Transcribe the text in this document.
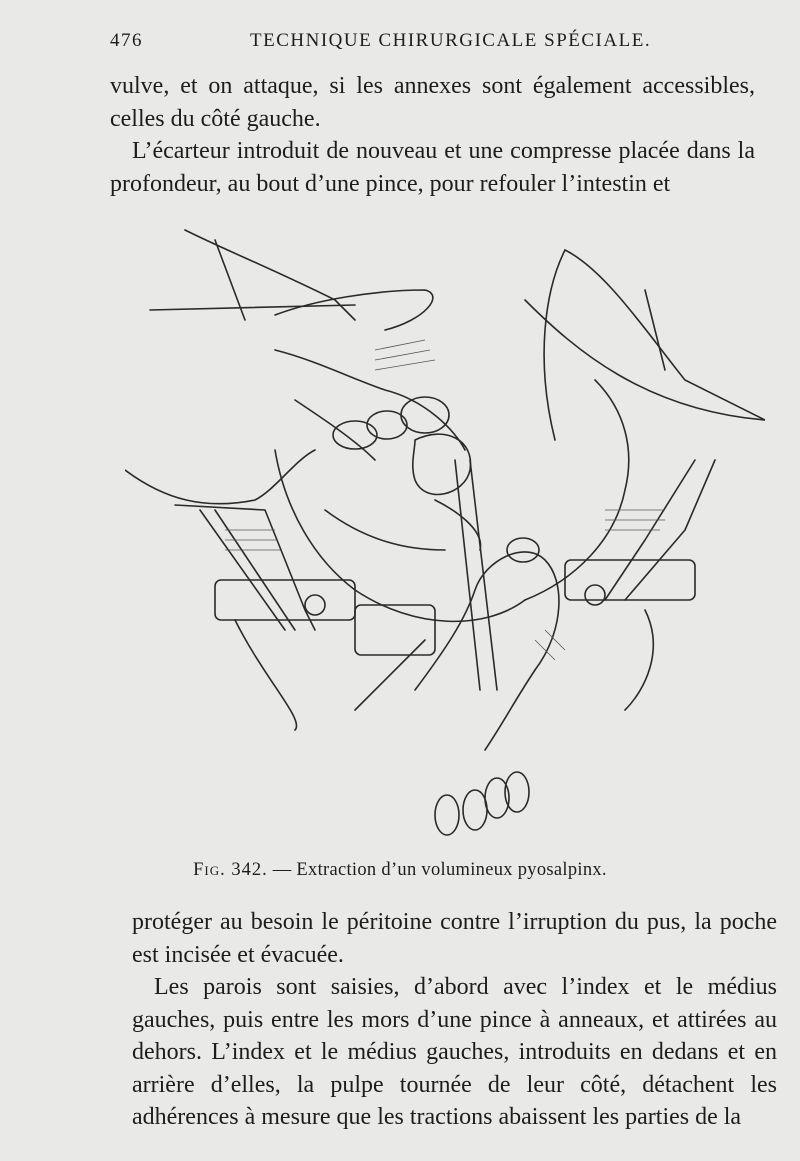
476	TECHNIQUE CHIRURGICALE SPÉCIALE.

vulve, et on attaque, si les annexes sont également accessibles, celles du côté gauche.

L’écarteur introduit de nouveau et une compresse placée dans la profondeur, au bout d’une pince, pour refouler l’intestin et

Fig. 342. — Extraction d’un volumineux pyosalpinx.

protéger au besoin le péritoine contre l’irruption du pus, la poche est incisée et évacuée.

Les parois sont saisies, d’abord avec l’index et le médius gauches, puis entre les mors d’une pince à anneaux, et attirées au dehors. L’index et le médius gauches, introduits en dedans et en arrière d’elles, la pulpe tournée de leur côté, détachent les adhérences à mesure que les tractions abaissent les parties de la
